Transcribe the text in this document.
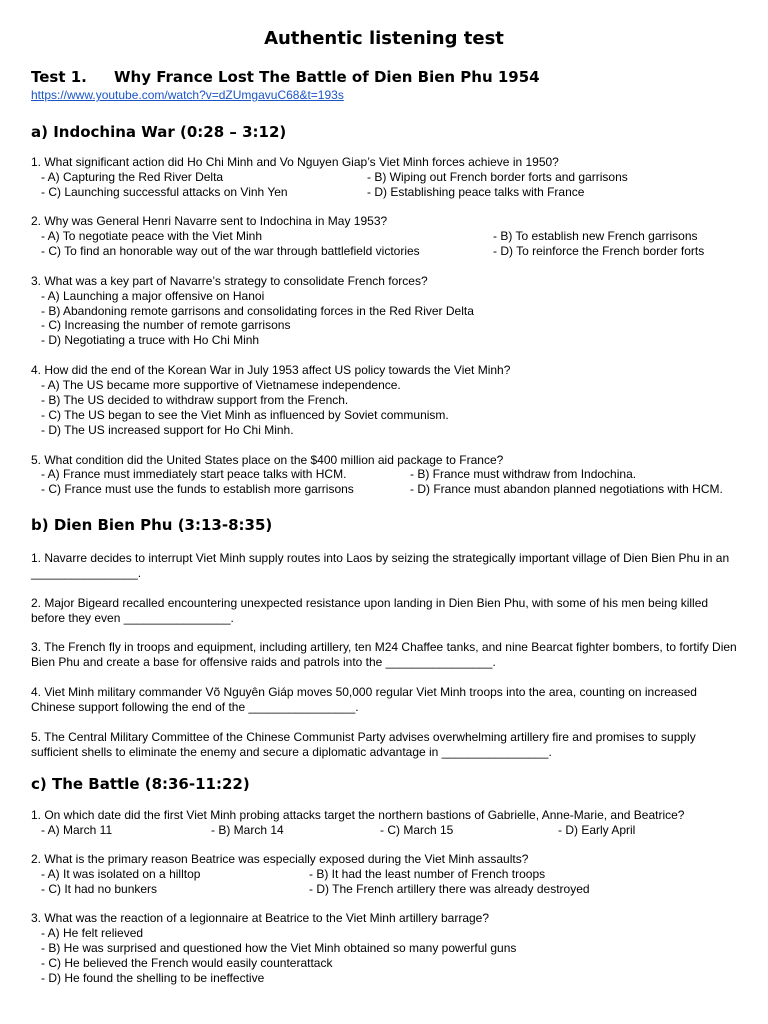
Authentic listening test
Test 1. Why France Lost The Battle of Dien Bien Phu 1954
https://www.youtube.com/watch?v=dZUmgavuC68&t=193s
a) Indochina War (0:28 – 3:12)
1. What significant action did Ho Chi Minh and Vo Nguyen Giap’s Viet Minh forces achieve in 1950?
- A) Capturing the Red River Delta	- B) Wiping out French border forts and garrisons
- C) Launching successful attacks on Vinh Yen	- D) Establishing peace talks with France
2. Why was General Henri Navarre sent to Indochina in May 1953?
- A) To negotiate peace with the Viet Minh	- B) To establish new French garrisons
- C) To find an honorable way out of the war through battlefield victories	- D) To reinforce the French border forts
3. What was a key part of Navarre’s strategy to consolidate French forces?
- A) Launching a major offensive on Hanoi
- B) Abandoning remote garrisons and consolidating forces in the Red River Delta
- C) Increasing the number of remote garrisons
- D) Negotiating a truce with Ho Chi Minh
4. How did the end of the Korean War in July 1953 affect US policy towards the Viet Minh?
- A) The US became more supportive of Vietnamese independence.
- B) The US decided to withdraw support from the French.
- C) The US began to see the Viet Minh as influenced by Soviet communism.
- D) The US increased support for Ho Chi Minh.
5. What condition did the United States place on the $400 million aid package to France?
- A) France must immediately start peace talks with HCM.	- B) France must withdraw from Indochina.
- C) France must use the funds to establish more garrisons	- D) France must abandon planned negotiations with HCM.
b) Dien Bien Phu (3:13-8:35)
1. Navarre decides to interrupt Viet Minh supply routes into Laos by seizing the strategically important village of Dien Bien Phu in an ________________.
2. Major Bigeard recalled encountering unexpected resistance upon landing in Dien Bien Phu, with some of his men being killed before they even ________________.
3. The French fly in troops and equipment, including artillery, ten M24 Chaffee tanks, and nine Bearcat fighter bombers, to fortify Dien Bien Phu and create a base for offensive raids and patrols into the ________________.
4. Viet Minh military commander Võ Nguyên Giáp moves 50,000 regular Viet Minh troops into the area, counting on increased Chinese support following the end of the ________________.
5. The Central Military Committee of the Chinese Communist Party advises overwhelming artillery fire and promises to supply sufficient shells to eliminate the enemy and secure a diplomatic advantage in ________________.
c) The Battle (8:36-11:22)
1. On which date did the first Viet Minh probing attacks target the northern bastions of Gabrielle, Anne-Marie, and Beatrice?
- A) March 11	- B) March 14	- C) March 15	- D) Early April
2. What is the primary reason Beatrice was especially exposed during the Viet Minh assaults?
- A) It was isolated on a hilltop	- B) It had the least number of French troops
- C) It had no bunkers	- D) The French artillery there was already destroyed
3. What was the reaction of a legionnaire at Beatrice to the Viet Minh artillery barrage?
- A) He felt relieved
- B) He was surprised and questioned how the Viet Minh obtained so many powerful guns
- C) He believed the French would easily counterattack
- D) He found the shelling to be ineffective
